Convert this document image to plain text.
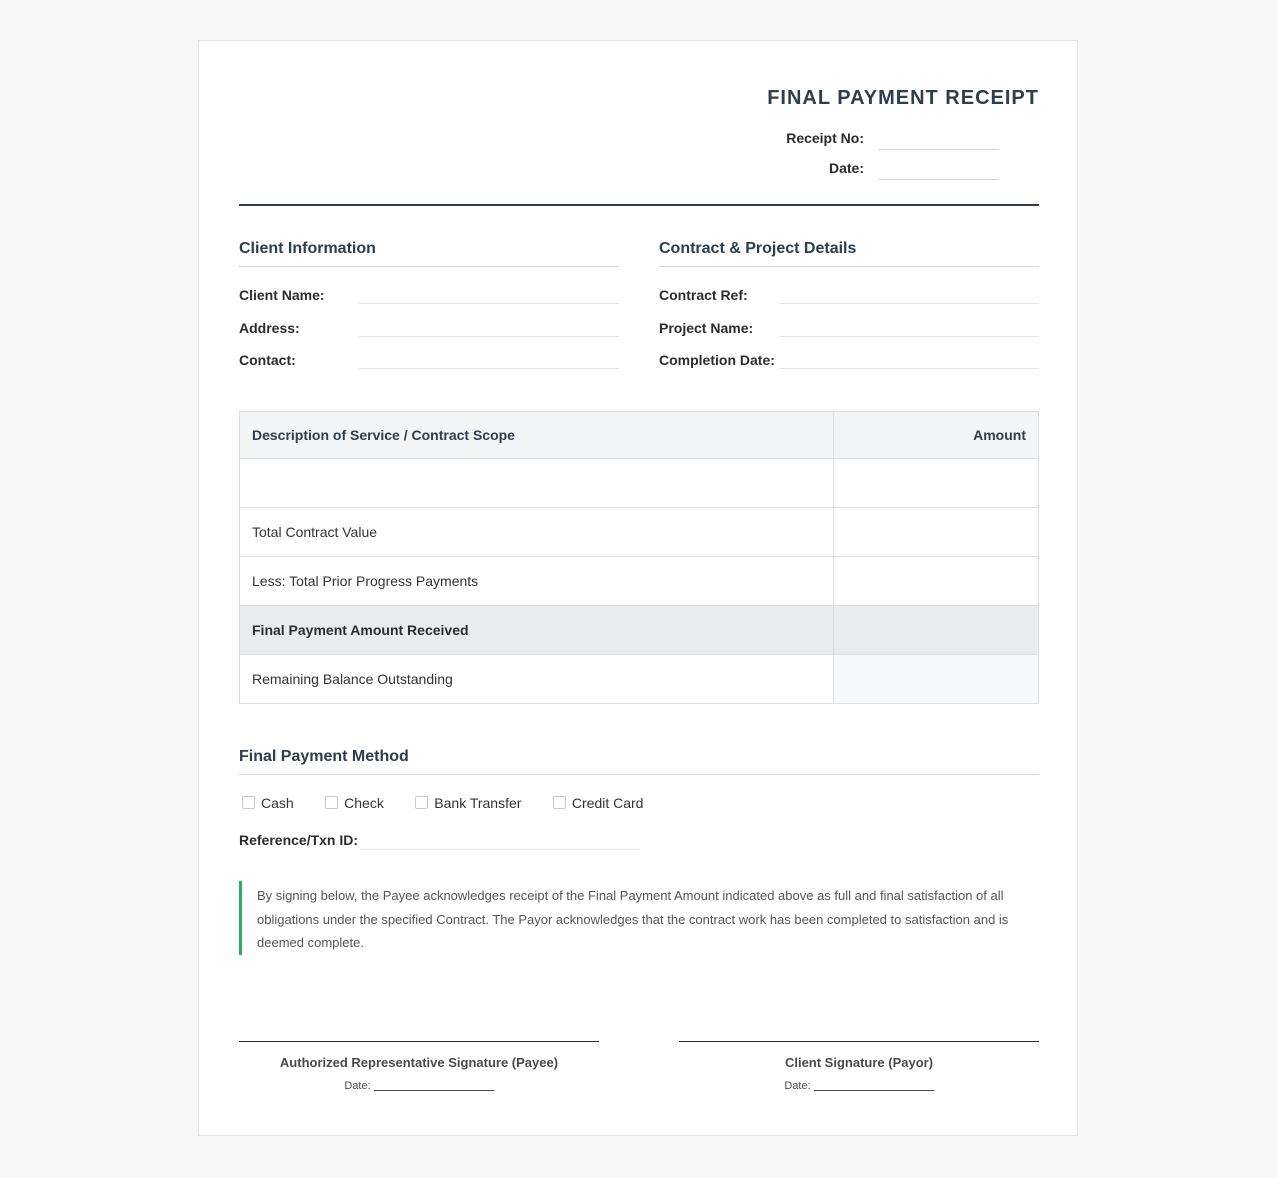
FINAL PAYMENT RECEIPT
Receipt No:
Date:
Client Information
Client Name:
Address:
Contact:
Contract & Project Details
Contract Ref:
Project Name:
Completion Date:
Description of Service / Contract Scope	Amount

Total Contract Value	
Less: Total Prior Progress Payments	
Final Payment Amount Received	
Remaining Balance Outstanding	
Final Payment Method
Cash	Check	Bank Transfer	Credit Card
Reference/Txn ID:
By signing below, the Payee acknowledges receipt of the Final Payment Amount indicated above as full and final satisfaction of all obligations under the specified Contract. The Payor acknowledges that the contract work has been completed to satisfaction and is deemed complete.
Authorized Representative Signature (Payee)
Date:
Client Signature (Payor)
Date:
